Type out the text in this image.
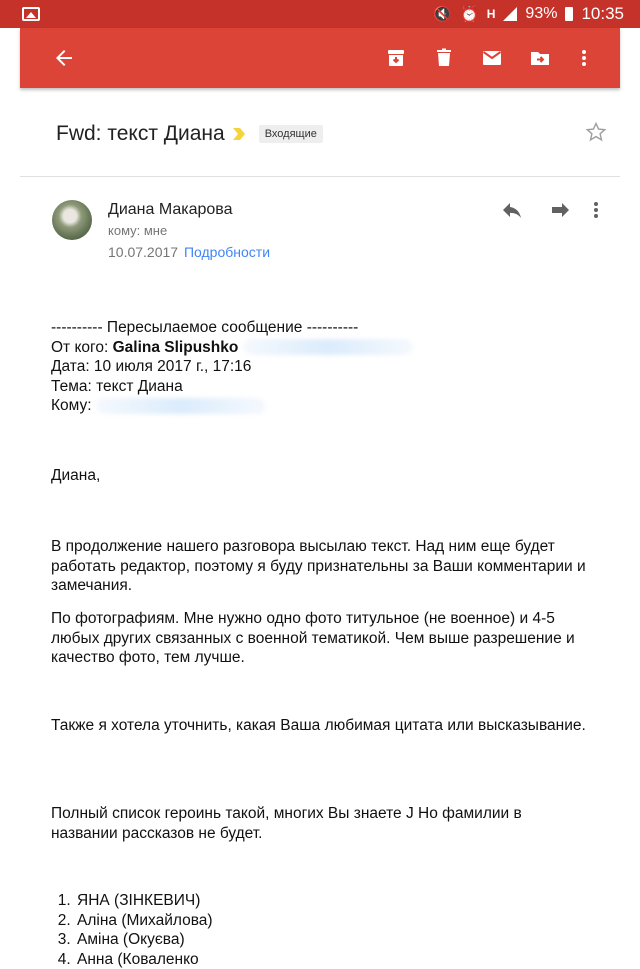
🔇 ⏰ H 93% 10:35
Fwd: текст Диана	Входящие
Диана Макарова
кому: мне
10.07.2017 Подробности
---------- Пересылаемое сообщение ----------
От кого: Galina Slipushko
Дата: 10 июля 2017 г., 17:16
Тема: текст Диана
Кому:

Диана,

В продолжение нашего разговора высылаю текст. Над ним еще будет работать редактор, поэтому я буду признательны за Ваши комментарии и замечания.

По фотографиям. Мне нужно одно фото титульное (не военное) и 4-5 любых других связанных с военной тематикой. Чем выше разрешение и качество фото, тем лучше.

Также я хотела уточнить, какая Ваша любимая цитата или высказывание.

Полный список героинь такой, многих Вы знаете J Но фамилии в названии рассказов не будет.

1. ЯНА (ЗІНКЕВИЧ)
2. Аліна (Михайлова)
3. Аміна (Окуєва)
4. Анна (Коваленко
